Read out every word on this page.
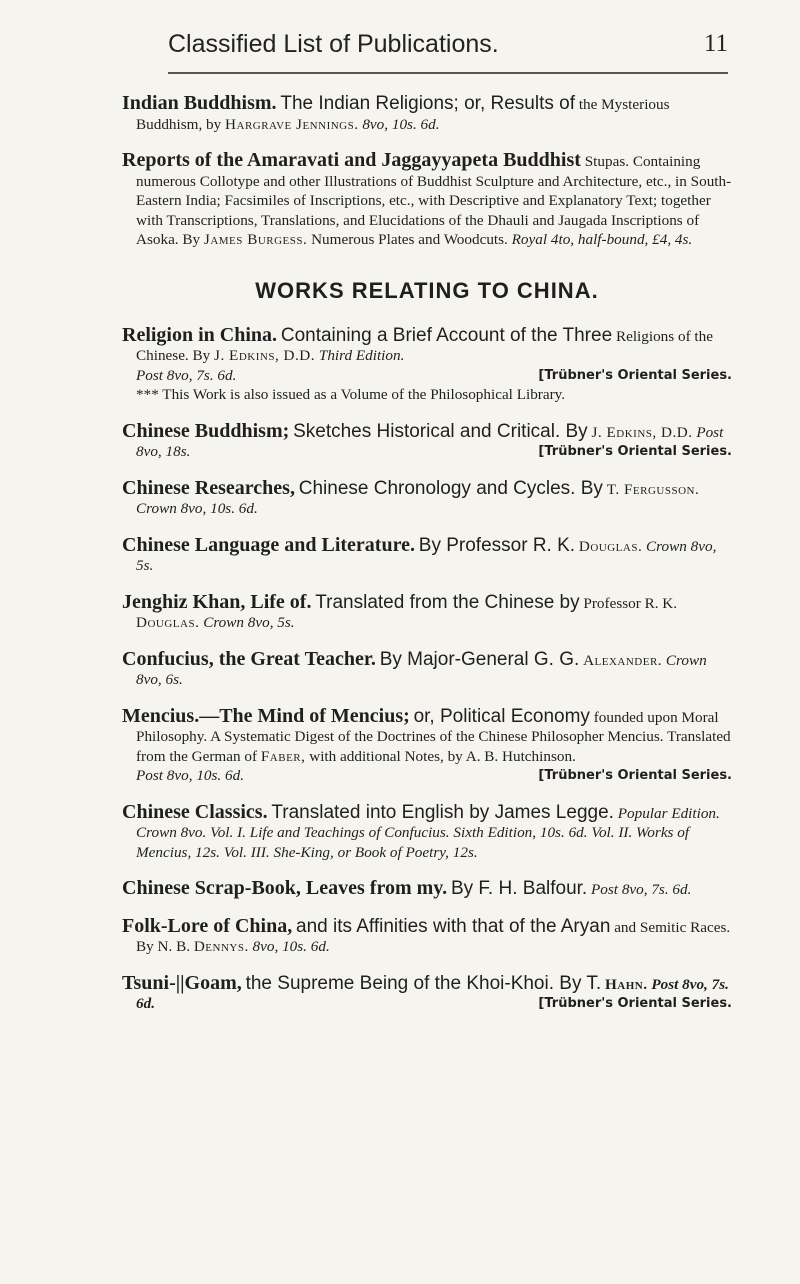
Classified List of Publications.	11
Indian Buddhism. The Indian Religions; or, Results of the Mysterious Buddhism, by Hargrave Jennings. 8vo, 10s. 6d.
Reports of the Amaravati and Jaggayyapeta Buddhist Stupas. Containing numerous Collotype and other Illustrations of Buddhist Sculpture and Architecture, etc., in South-Eastern India; Facsimiles of Inscriptions, etc., with Descriptive and Explanatory Text; together with Transcriptions, Translations, and Elucidations of the Dhauli and Jaugada Inscriptions of Asoka. By James Burgess. Numerous Plates and Woodcuts. Royal 4to, half-bound, £4, 4s.
WORKS RELATING TO CHINA.
Religion in China. Containing a Brief Account of the Three Religions of the Chinese. By J. Edkins, D.D. Third Edition.
Post 8vo, 7s. 6d.	[Trübner's Oriental Series.
*** This Work is also issued as a Volume of the Philosophical Library.
Chinese Buddhism; Sketches Historical and Critical. By J. Edkins, D.D. Post 8vo, 18s.	[Trübner's Oriental Series.
Chinese Researches, Chinese Chronology and Cycles. By T. Fergusson. Crown 8vo, 10s. 6d.
Chinese Language and Literature. By Professor R. K. Douglas. Crown 8vo, 5s.
Jenghiz Khan, Life of. Translated from the Chinese by Professor R. K. Douglas. Crown 8vo, 5s.
Confucius, the Great Teacher. By Major-General G. G. Alexander. Crown 8vo, 6s.
Mencius.—The Mind of Mencius; or, Political Economy founded upon Moral Philosophy. A Systematic Digest of the Doctrines of the Chinese Philosopher Mencius. Translated from the German of Faber, with additional Notes, by A. B. Hutchinson.
Post 8vo, 10s. 6d.	[Trübner's Oriental Series.
Chinese Classics. Translated into English by James Legge. Popular Edition. Crown 8vo. Vol. I. Life and Teachings of Confucius. Sixth Edition, 10s. 6d. Vol. II. Works of Mencius, 12s. Vol. III. She-King, or Book of Poetry, 12s.
Chinese Scrap-Book, Leaves from my. By F. H. Balfour. Post 8vo, 7s. 6d.
Folk-Lore of China, and its Affinities with that of the Aryan and Semitic Races. By N. B. Dennys. 8vo, 10s. 6d.
Tsuni-||Goam, the Supreme Being of the Khoi-Khoi. By T. Hahn. Post 8vo, 7s. 6d.	[Trübner's Oriental Series.
